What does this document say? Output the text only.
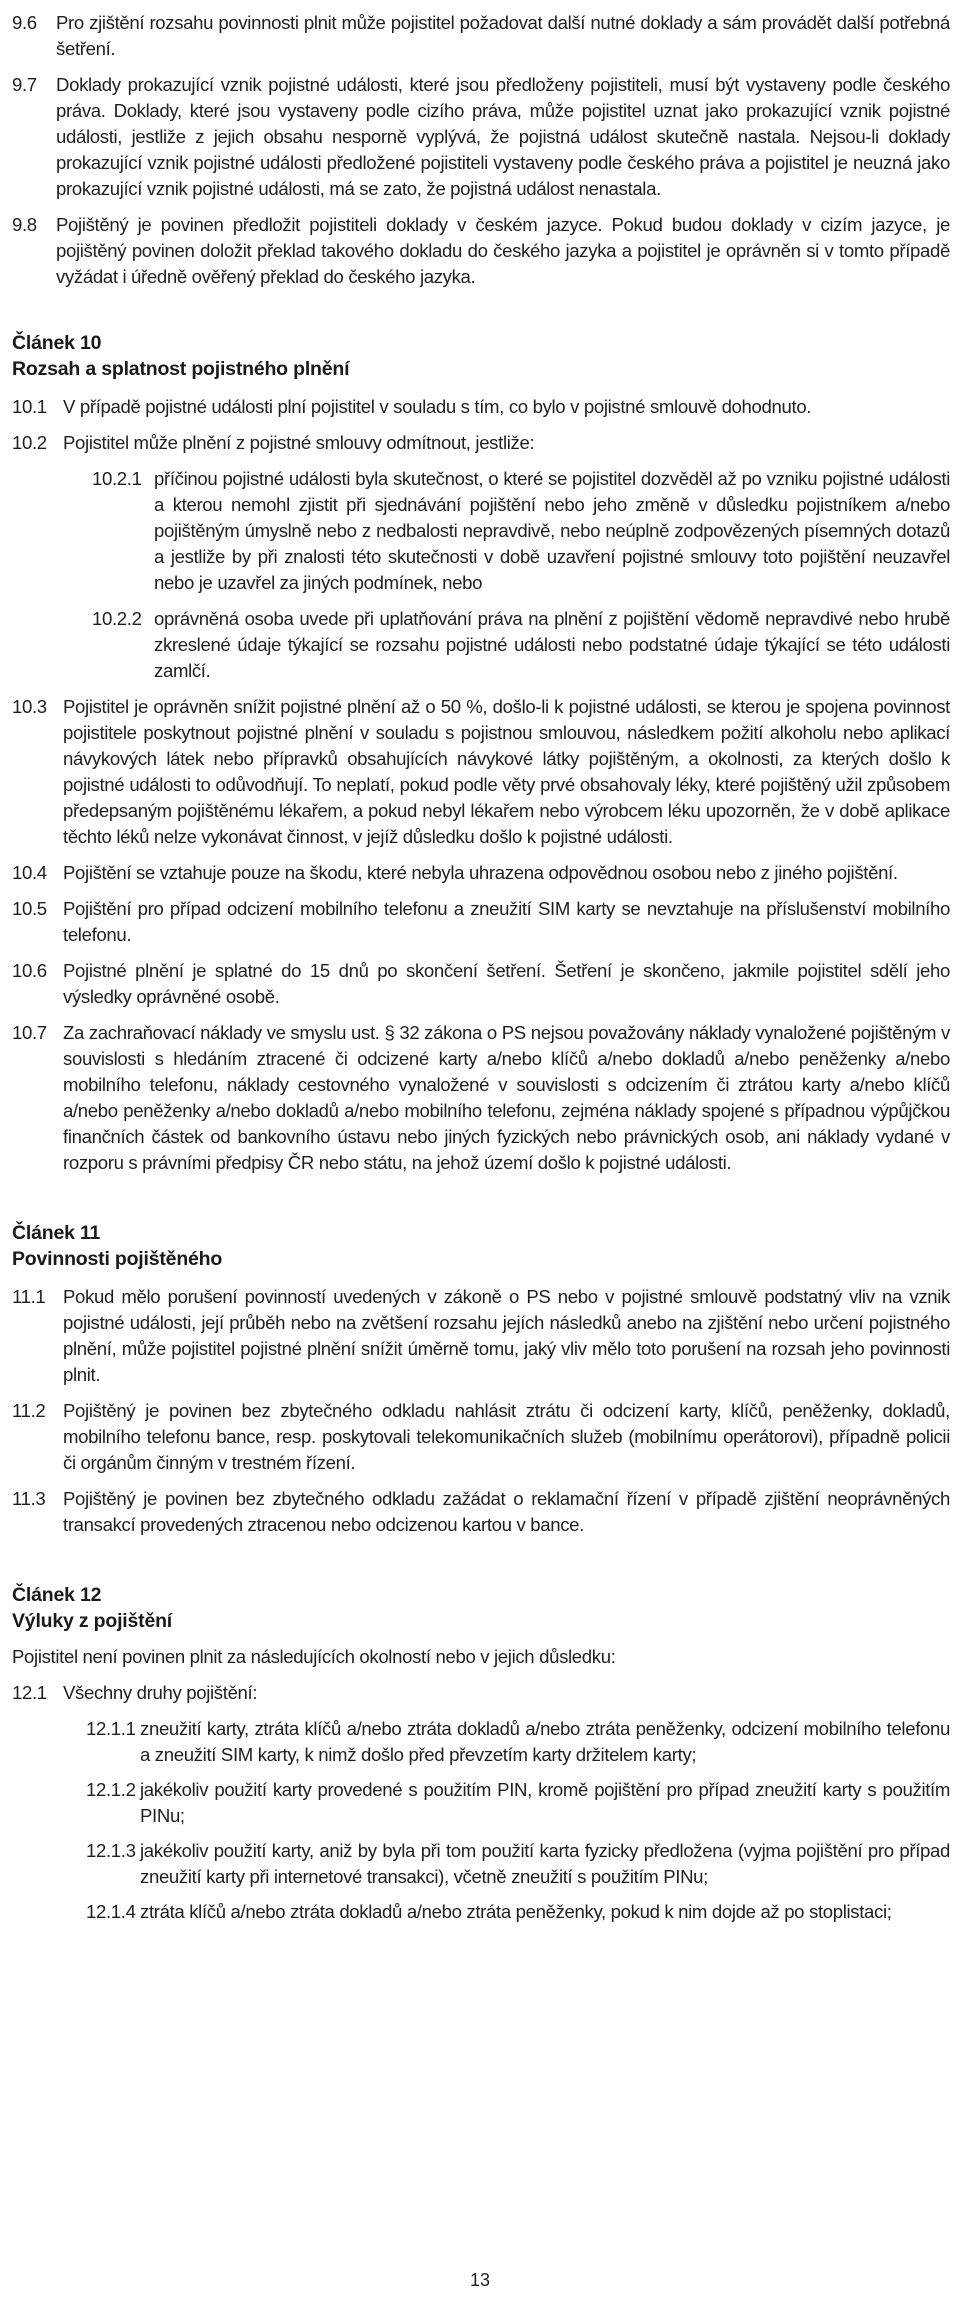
9.6	Pro zjištění rozsahu povinnosti plnit může pojistitel požadovat další nutné doklady a sám provádět další potřebná šetření.
9.7	Doklady prokazující vznik pojistné události, které jsou předloženy pojistiteli, musí být vystaveny podle českého práva. Doklady, které jsou vystaveny podle cizího práva, může pojistitel uznat jako prokazující vznik pojistné události, jestliže z jejich obsahu nesporně vyplývá, že pojistná událost skutečně nastala. Nejsou-li doklady prokazující vznik pojistné události předložené pojistiteli vystaveny podle českého práva a pojistitel je neuzná jako prokazující vznik pojistné události, má se zato, že pojistná událost nenastala.
9.8	Pojištěný je povinen předložit pojistiteli doklady v českém jazyce. Pokud budou doklady v cizím jazyce, je pojištěný povinen doložit překlad takového dokladu do českého jazyka a pojistitel je oprávněn si v tomto případě vyžádat i úředně ověřený překlad do českého jazyka.
Článek 10
Rozsah a splatnost pojistného plnění
10.1 V případě pojistné události plní pojistitel v souladu s tím, co bylo v pojistné smlouvě dohodnuto.
10.2 Pojistitel může plnění z pojistné smlouvy odmítnout, jestliže:
10.2.1 příčinou pojistné události byla skutečnost, o které se pojistitel dozvěděl až po vzniku pojistné události a kterou nemohl zjistit při sjednávání pojištění nebo jeho změně v důsledku pojistníkem a/nebo pojištěným úmyslně nebo z nedbalosti nepravdivě, nebo neúplně zodpovězených písemných dotazů a jestliže by při znalosti této skutečnosti v době uzavření pojistné smlouvy toto pojištění neuzavřel nebo je uzavřel za jiných podmínek, nebo
10.2.2 oprávněná osoba uvede při uplatňování práva na plnění z pojištění vědomě nepravdivé nebo hrubě zkreslené údaje týkající se rozsahu pojistné události nebo podstatné údaje týkající se této události zamlčí.
10.3 Pojistitel je oprávněn snížit pojistné plnění až o 50 %, došlo-li k pojistné události, se kterou je spojena povinnost pojistitele poskytnout pojistné plnění v souladu s pojistnou smlouvou, následkem požití alkoholu nebo aplikací návykových látek nebo přípravků obsahujících návykové látky pojištěným, a okolnosti, za kterých došlo k pojistné události to odůvodňují. To neplatí, pokud podle věty prvé obsahovaly léky, které pojištěný užil způsobem předepsaným pojištěnému lékařem, a pokud nebyl lékařem nebo výrobcem léku upozorněn, že v době aplikace těchto léků nelze vykonávat činnost, v jejíž důsledku došlo k pojistné události.
10.4 Pojištění se vztahuje pouze na škodu, které nebyla uhrazena odpovědnou osobou nebo z jiného pojištění.
10.5 Pojištění pro případ odcizení mobilního telefonu a zneužití SIM karty se nevztahuje na příslušenství mobilního telefonu.
10.6 Pojistné plnění je splatné do 15 dnů po skončení šetření. Šetření je skončeno, jakmile pojistitel sdělí jeho výsledky oprávněné osobě.
10.7 Za zachraňovací náklady ve smyslu ust. § 32 zákona o PS nejsou považovány náklady vynaložené pojištěným v souvislosti s hledáním ztracené či odcizené karty a/nebo klíčů a/nebo dokladů a/nebo peněženky a/nebo mobilního telefonu, náklady cestovného vynaložené v souvislosti s odcizením či ztrátou karty a/nebo klíčů a/nebo peněženky a/nebo dokladů a/nebo mobilního telefonu, zejména náklady spojené s případnou výpůjčkou finančních částek od bankovního ústavu nebo jiných fyzických nebo právnických osob, ani náklady vydané v rozporu s právními předpisy ČR nebo státu, na jehož území došlo k pojistné události.
Článek 11
Povinnosti pojištěného
11.1 Pokud mělo porušení povinností uvedených v zákoně o PS nebo v pojistné smlouvě podstatný vliv na vznik pojistné události, její průběh nebo na zvětšení rozsahu jejích následků anebo na zjištění nebo určení pojistného plnění, může pojistitel pojistné plnění snížit úměrně tomu, jaký vliv mělo toto porušení na rozsah jeho povinnosti plnit.
11.2 Pojištěný je povinen bez zbytečného odkladu nahlásit ztrátu či odcizení karty, klíčů, peněženky, dokladů, mobilního telefonu bance, resp. poskytovali telekomunikačních služeb (mobilnímu operátorovi), případně policii či orgánům činným v trestném řízení.
11.3 Pojištěný je povinen bez zbytečného odkladu zažádat o reklamační řízení v případě zjištění neoprávněných transakcí provedených ztracenou nebo odcizenou kartou v bance.
Článek 12
Výluky z pojištění
Pojistitel není povinen plnit za následujících okolností nebo v jejich důsledku:
12.1 Všechny druhy pojištění:
12.1.1 zneužití karty, ztráta klíčů a/nebo ztráta dokladů a/nebo ztráta peněženky, odcizení mobilního telefonu a zneužití SIM karty, k nimž došlo před převzetím karty držitelem karty;
12.1.2 jakékoliv použití karty provedené s použitím PIN, kromě pojištění pro případ zneužití karty s použitím PINu;
12.1.3 jakékoliv použití karty, aniž by byla při tom použití karta fyzicky předložena (vyjma pojištění pro případ zneužití karty při internetové transakci), včetně zneužití s použitím PINu;
12.1.4 ztráta klíčů a/nebo ztráta dokladů a/nebo ztráta peněženky, pokud k nim dojde až po stoplistaci;
13
